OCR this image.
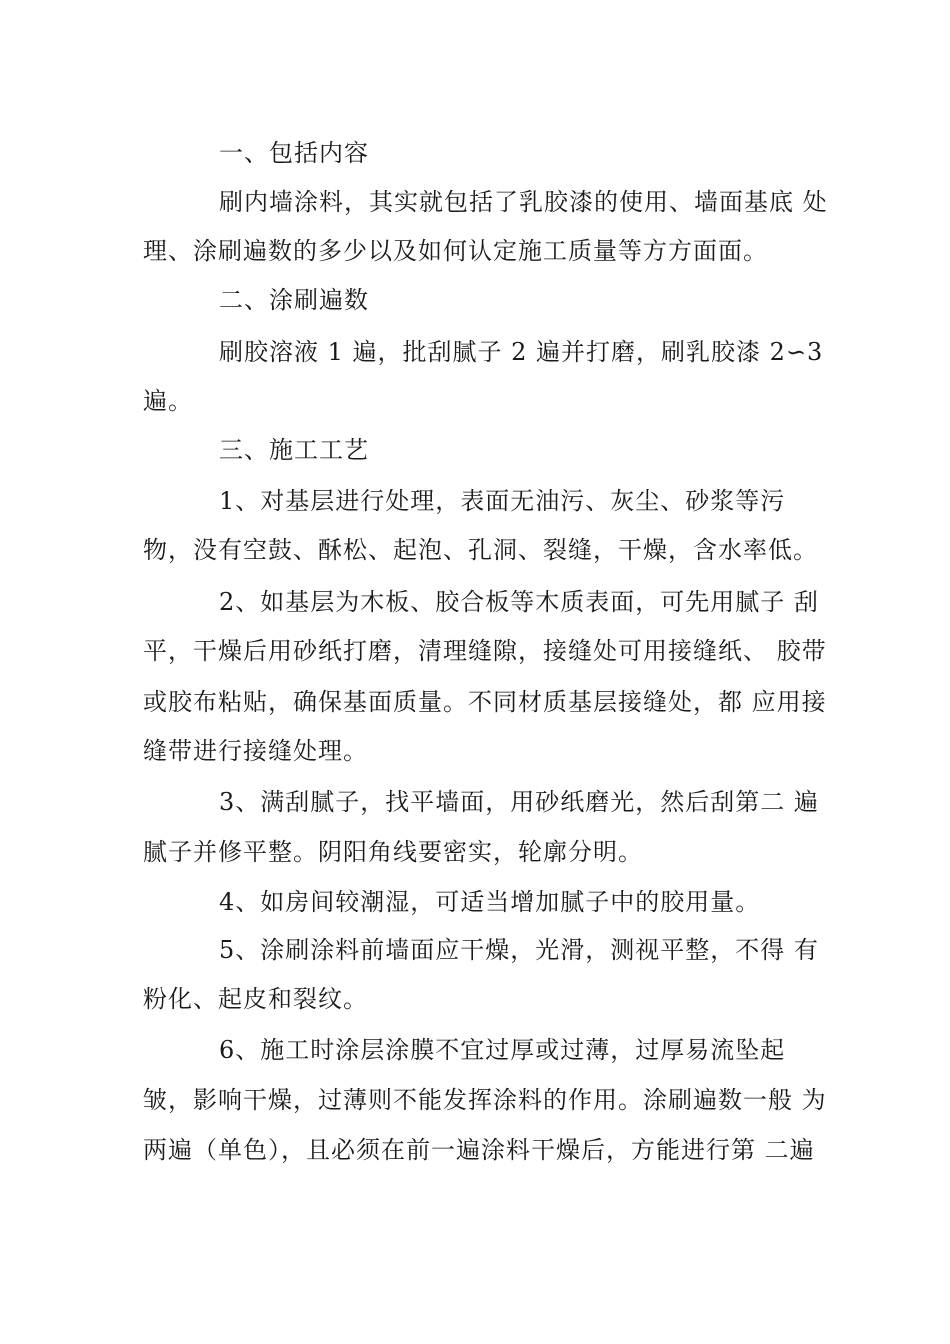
一、包括内容
刷内墙涂料，其实就包括了乳胶漆的使用、墙面基底 处
理、涂刷遍数的多少以及如何认定施工质量等方方面面。
二、涂刷遍数
刷胶溶液 1 遍，批刮腻子 2 遍并打磨，刷乳胶漆 2∽3
遍。
三、施工工艺
1、对基层进行处理，表面无油污、灰尘、砂浆等污
物，没有空鼓、酥松、起泡、孔洞、裂缝，干燥，含水率低。
2、如基层为木板、胶合板等木质表面，可先用腻子 刮
平，干燥后用砂纸打磨，清理缝隙，接缝处可用接缝纸、 胶带
或胶布粘贴，确保基面质量。不同材质基层接缝处，都 应用接
缝带进行接缝处理。
3、满刮腻子，找平墙面，用砂纸磨光，然后刮第二 遍
腻子并修平整。阴阳角线要密实，轮廓分明。
4、如房间较潮湿，可适当增加腻子中的胶用量。
5、涂刷涂料前墙面应干燥，光滑，测视平整，不得 有
粉化、起皮和裂纹。
6、施工时涂层涂膜不宜过厚或过薄，过厚易流坠起
皱，影响干燥，过薄则不能发挥涂料的作用。涂刷遍数一般 为
两遍（单色），且必须在前一遍涂料干燥后，方能进行第 二遍
